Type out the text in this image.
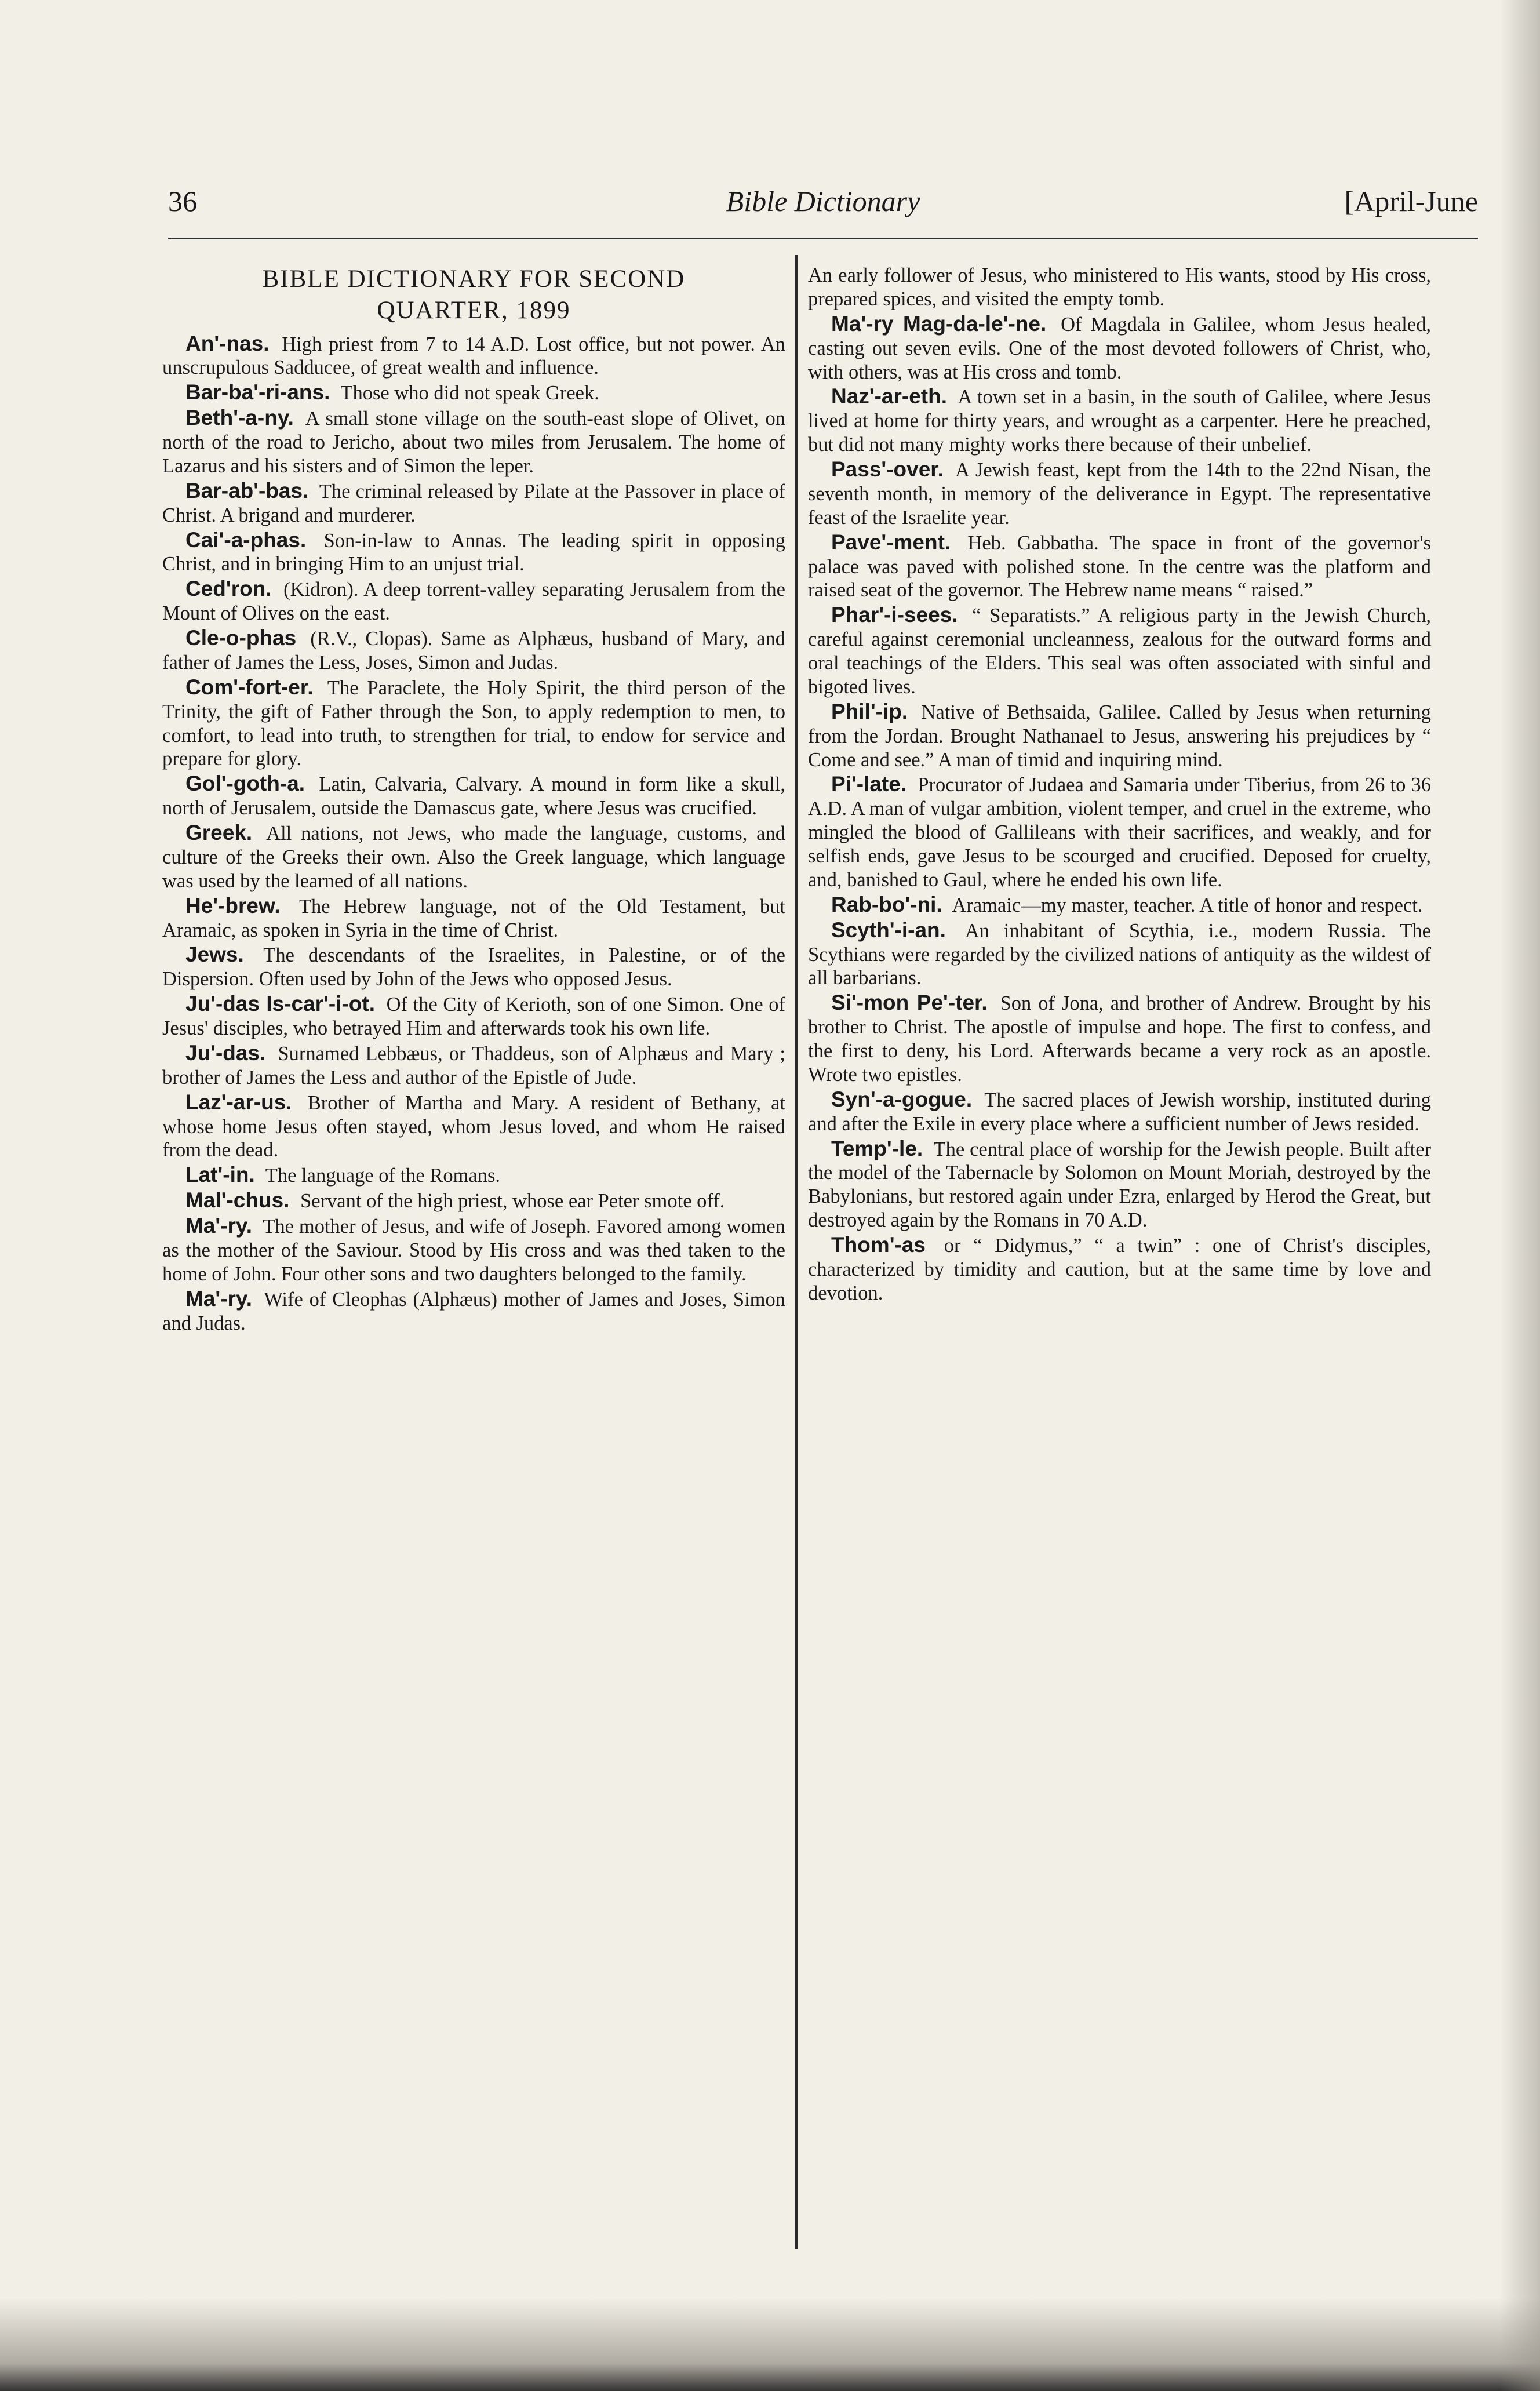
36	Bible Dictionary	[April-June
BIBLE DICTIONARY FOR SECOND
QUARTER, 1899

An'-nas. High priest from 7 to 14 A.D. Lost office, but not power. An unscrupulous Sadducee, of great wealth and influence.

Bar-ba'-ri-ans. Those who did not speak Greek.

Beth'-a-ny. A small stone village on the south-east slope of Olivet, on north of the road to Jericho, about two miles from Jerusalem. The home of Lazarus and his sisters and of Simon the leper.

Bar-ab'-bas. The criminal released by Pilate at the Passover in place of Christ. A brigand and murderer.

Cai'-a-phas. Son-in-law to Annas. The leading spirit in opposing Christ, and in bringing Him to an unjust trial.

Ced'ron. (Kidron). A deep torrent-valley separating Jerusalem from the Mount of Olives on the east.

Cle-o-phas (R.V., Clopas). Same as Alphæus, husband of Mary, and father of James the Less, Joses, Simon and Judas.

Com'-fort-er. The Paraclete, the Holy Spirit, the third person of the Trinity, the gift of Father through the Son, to apply redemption to men, to comfort, to lead into truth, to strengthen for trial, to endow for service and prepare for glory.

Gol'-goth-a. Latin, Calvaria, Calvary. A mound in form like a skull, north of Jerusalem, outside the Damascus gate, where Jesus was crucified.

Greek. All nations, not Jews, who made the language, customs, and culture of the Greeks their own. Also the Greek language, which language was used by the learned of all nations.

He'-brew. The Hebrew language, not of the Old Testament, but Aramaic, as spoken in Syria in the time of Christ.

Jews. The descendants of the Israelites, in Palestine, or of the Dispersion. Often used by John of the Jews who opposed Jesus.

Ju'-das Is-car'-i-ot. Of the City of Kerioth, son of one Simon. One of Jesus' disciples, who betrayed Him and afterwards took his own life.

Ju'-das. Surnamed Lebbæus, or Thaddeus, son of Alphæus and Mary ; brother of James the Less and author of the Epistle of Jude.

Laz'-ar-us. Brother of Martha and Mary. A resident of Bethany, at whose home Jesus often stayed, whom Jesus loved, and whom He raised from the dead.

Lat'-in. The language of the Romans.

Mal'-chus. Servant of the high priest, whose ear Peter smote off.

Ma'-ry. The mother of Jesus, and wife of Joseph. Favored among women as the mother of the Saviour. Stood by His cross and was thed taken to the home of John. Four other sons and two daughters belonged to the family.

Ma'-ry. Wife of Cleophas (Alphæus) mother of James and Joses, Simon and Judas.

An early follower of Jesus, who ministered to His wants, stood by His cross, prepared spices, and visited the empty tomb.

Ma'-ry Mag-da-le'-ne. Of Magdala in Galilee, whom Jesus healed, casting out seven evils. One of the most devoted followers of Christ, who, with others, was at His cross and tomb.

Naz'-ar-eth. A town set in a basin, in the south of Galilee, where Jesus lived at home for thirty years, and wrought as a carpenter. Here he preached, but did not many mighty works there because of their unbelief.

Pass'-over. A Jewish feast, kept from the 14th to the 22nd Nisan, the seventh month, in memory of the deliverance in Egypt. The representative feast of the Israelite year.

Pave'-ment. Heb. Gabbatha. The space in front of the governor's palace was paved with polished stone. In the centre was the platform and raised seat of the governor. The Hebrew name means “ raised.”

Phar'-i-sees. “ Separatists.” A religious party in the Jewish Church, careful against ceremonial uncleanness, zealous for the outward forms and oral teachings of the Elders. This seal was often associated with sinful and bigoted lives.

Phil'-ip. Native of Bethsaida, Galilee. Called by Jesus when returning from the Jordan. Brought Nathanael to Jesus, answering his prejudices by “ Come and see.” A man of timid and inquiring mind.

Pi'-late. Procurator of Judaea and Samaria under Tiberius, from 26 to 36 A.D. A man of vulgar ambition, violent temper, and cruel in the extreme, who mingled the blood of Gallileans with their sacrifices, and weakly, and for selfish ends, gave Jesus to be scourged and crucified. Deposed for cruelty, and, banished to Gaul, where he ended his own life.

Rab-bo'-ni. Aramaic—my master, teacher. A title of honor and respect.

Scyth'-i-an. An inhabitant of Scythia, i.e., modern Russia. The Scythians were regarded by the civilized nations of antiquity as the wildest of all barbarians.

Si'-mon Pe'-ter. Son of Jona, and brother of Andrew. Brought by his brother to Christ. The apostle of impulse and hope. The first to confess, and the first to deny, his Lord. Afterwards became a very rock as an apostle. Wrote two epistles.

Syn'-a-gogue. The sacred places of Jewish worship, instituted during and after the Exile in every place where a sufficient number of Jews resided.

Temp'-le. The central place of worship for the Jewish people. Built after the model of the Tabernacle by Solomon on Mount Moriah, destroyed by the Babylonians, but restored again under Ezra, enlarged by Herod the Great, but destroyed again by the Romans in 70 A.D.

Thom'-as or “ Didymus,” “ a twin” : one of Christ's disciples, characterized by timidity and caution, but at the same time by love and devotion.
